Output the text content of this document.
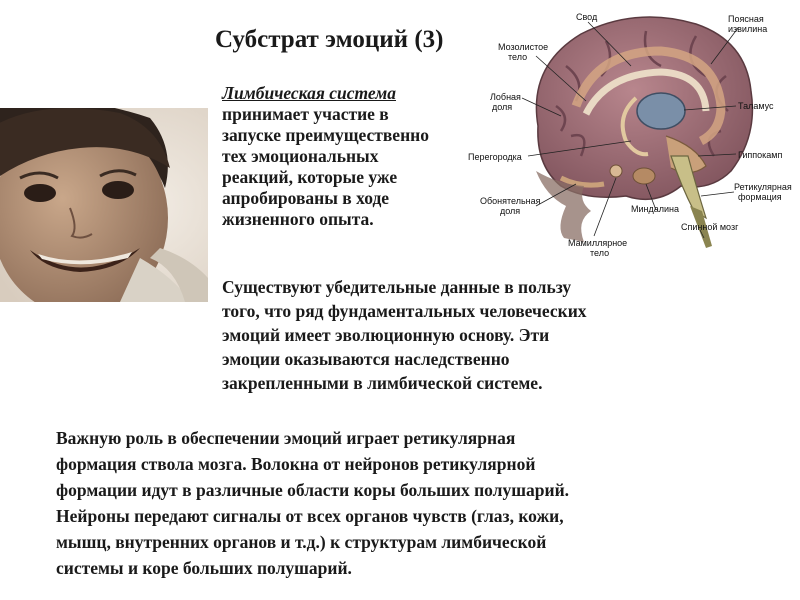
Субстрат эмоций (3)

Лимбическая система
принимает участие в
запуске преимущественно
тех эмоциональных
реакций, которые уже
апробированы в ходе
жизненного опыта.

Свод	Поясная
извилина
Мозолистое
тело
Лобная
доля	Таламус
Перегородка	Гиппокамп
Ретикулярная
формация
Обонятельная
доля	Миндалина
Спинной мозг
Мамиллярное
тело

Существуют убедительные данные в пользу
того, что ряд фундаментальных человеческих
эмоций имеет эволюционную основу. Эти
эмоции оказываются наследственно
закрепленными в лимбической системе.

Важную роль в обеспечении эмоций играет ретикулярная
формация ствола мозга. Волокна от нейронов ретикулярной
формации идут в различные области коры больших полушарий.
Нейроны передают сигналы от всех органов чувств (глаз, кожи,
мышц, внутренних органов и т.д.) к структурам лимбической
системы и коре больших полушарий.
